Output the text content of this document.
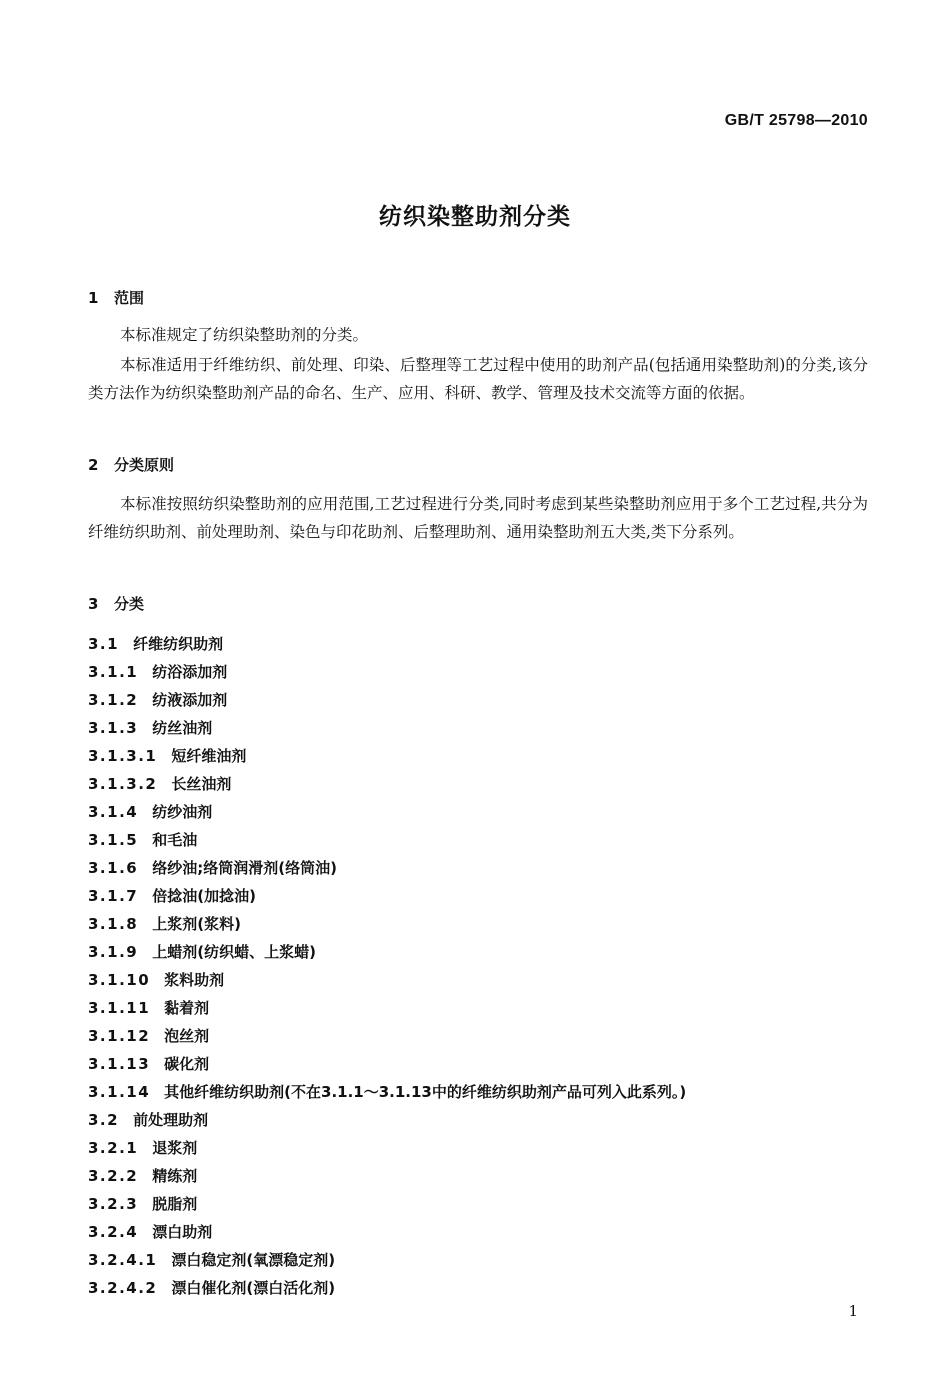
GB/T 25798—2010
纺织染整助剂分类
1 范围
本标准规定了纺织染整助剂的分类。
本标准适用于纤维纺织、前处理、印染、后整理等工艺过程中使用的助剂产品(包括通用染整助剂)的分类,该分类方法作为纺织染整助剂产品的命名、生产、应用、科研、教学、管理及技术交流等方面的依据。
2 分类原则
本标准按照纺织染整助剂的应用范围,工艺过程进行分类,同时考虑到某些染整助剂应用于多个工艺过程,共分为纤维纺织助剂、前处理助剂、染色与印花助剂、后整理助剂、通用染整助剂五大类,类下分系列。
3 分类
3.1 纤维纺织助剂
3.1.1 纺浴添加剂
3.1.2 纺液添加剂
3.1.3 纺丝油剂
3.1.3.1 短纤维油剂
3.1.3.2 长丝油剂
3.1.4 纺纱油剂
3.1.5 和毛油
3.1.6 络纱油;络筒润滑剂(络筒油)
3.1.7 倍捻油(加捻油)
3.1.8 上浆剂(浆料)
3.1.9 上蜡剂(纺织蜡、上浆蜡)
3.1.10 浆料助剂
3.1.11 黏着剂
3.1.12 泡丝剂
3.1.13 碳化剂
3.1.14 其他纤维纺织助剂(不在3.1.1～3.1.13中的纤维纺织助剂产品可列入此系列。)
3.2 前处理助剂
3.2.1 退浆剂
3.2.2 精练剂
3.2.3 脱脂剂
3.2.4 漂白助剂
3.2.4.1 漂白稳定剂(氧漂稳定剂)
3.2.4.2 漂白催化剂(漂白活化剂)
1
